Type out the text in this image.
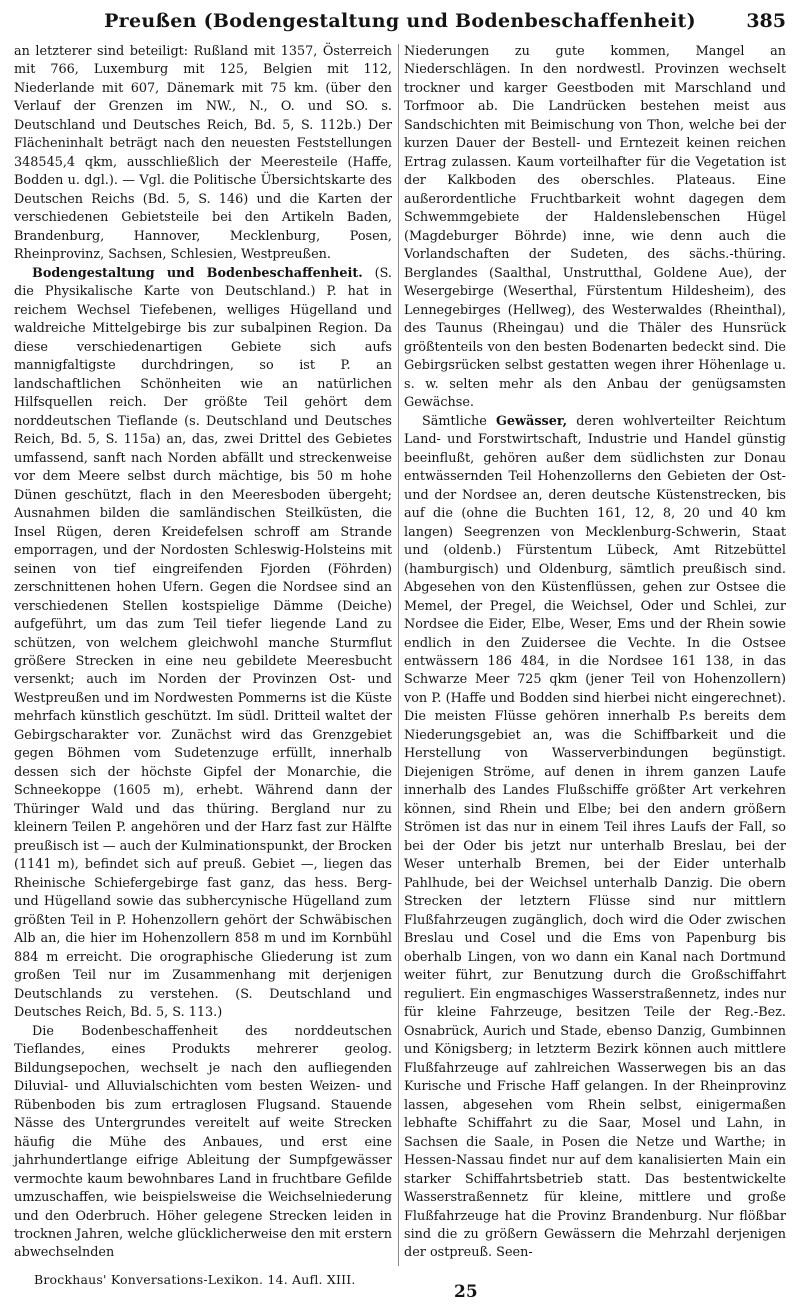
Preußen (Bodengestaltung und Bodenbeschaffenheit)	385

an letzterer sind beteiligt: Rußland mit 1357, Österreich mit 766, Luxemburg mit 125, Belgien mit 112, Niederlande mit 607, Dänemark mit 75 km. (über den Verlauf der Grenzen im NW., N., O. und SO. s. Deutschland und Deutsches Reich, Bd. 5, S. 112b.) Der Flächeninhalt beträgt nach den neuesten Feststellungen 348545,4 qkm, ausschließlich der Meeresteile (Haffe, Bodden u. dgl.). — Vgl. die Politische Übersichtskarte des Deutschen Reichs (Bd. 5, S. 146) und die Karten der verschiedenen Gebietsteile bei den Artikeln Baden, Brandenburg, Hannover, Mecklenburg, Posen, Rheinprovinz, Sachsen, Schlesien, Westpreußen.

Bodengestaltung und Bodenbeschaffenheit. (S. die Physikalische Karte von Deutschland.) P. hat in reichem Wechsel Tiefebenen, welliges Hügelland und waldreiche Mittelgebirge bis zur subalpinen Region. Da diese verschiedenartigen Gebiete sich aufs mannigfaltigste durchdringen, so ist P. an landschaftlichen Schönheiten wie an natürlichen Hilfsquellen reich. Der größte Teil gehört dem norddeutschen Tieflande (s. Deutschland und Deutsches Reich, Bd. 5, S. 115a) an, das, zwei Drittel des Gebietes umfassend, sanft nach Norden abfällt und streckenweise vor dem Meere selbst durch mächtige, bis 50 m hohe Dünen geschützt, flach in den Meeresboden übergeht; Ausnahmen bilden die samländischen Steilküsten, die Insel Rügen, deren Kreidefelsen schroff am Strande emporragen, und der Nordosten Schleswig-Holsteins mit seinen von tief eingreifenden Fjorden (Föhrden) zerschnittenen hohen Ufern. Gegen die Nordsee sind an verschiedenen Stellen kostspielige Dämme (Deiche) aufgeführt, um das zum Teil tiefer liegende Land zu schützen, von welchem gleichwohl manche Sturmflut größere Strecken in eine neu gebildete Meeresbucht versenkt; auch im Norden der Provinzen Ost- und Westpreußen und im Nordwesten Pommerns ist die Küste mehrfach künstlich geschützt. Im südl. Dritteil waltet der Gebirgscharakter vor. Zunächst wird das Grenzgebiet gegen Böhmen vom Sudetenzuge erfüllt, innerhalb dessen sich der höchste Gipfel der Monarchie, die Schneekoppe (1605 m), erhebt. Während dann der Thüringer Wald und das thüring. Bergland nur zu kleinern Teilen P. angehören und der Harz fast zur Hälfte preußisch ist — auch der Kulminationspunkt, der Brocken (1141 m), befindet sich auf preuß. Gebiet —, liegen das Rheinische Schiefergebirge fast ganz, das hess. Berg- und Hügelland sowie das subhercynische Hügelland zum größten Teil in P. Hohenzollern gehört der Schwäbischen Alb an, die hier im Hohenzollern 858 m und im Kornbühl 884 m erreicht. Die orographische Gliederung ist zum großen Teil nur im Zusammenhang mit derjenigen Deutschlands zu verstehen. (S. Deutschland und Deutsches Reich, Bd. 5, S. 113.)

Die Bodenbeschaffenheit des norddeutschen Tieflandes, eines Produkts mehrerer geolog. Bildungsepochen, wechselt je nach den aufliegenden Diluvial- und Alluvialschichten vom besten Weizen- und Rübenboden bis zum ertraglosen Flugsand. Stauende Nässe des Untergrundes vereitelt auf weite Strecken häufig die Mühe des Anbaues, und erst eine jahrhundertlange eifrige Ableitung der Sumpfgewässer vermochte kaum bewohnbares Land in fruchtbare Gefilde umzuschaffen, wie beispielsweise die Weichselniederung und den Oderbruch. Höher gelegene Strecken leiden in trocknen Jahren, welche glücklicherweise den mit erstern abwechselnden

Niederungen zu gute kommen, Mangel an Niederschlägen. In den nordwestl. Provinzen wechselt trockner und karger Geestboden mit Marschland und Torfmoor ab. Die Landrücken bestehen meist aus Sandschichten mit Beimischung von Thon, welche bei der kurzen Dauer der Bestell- und Erntezeit keinen reichen Ertrag zulassen. Kaum vorteilhafter für die Vegetation ist der Kalkboden des oberschles. Plateaus. Eine außerordentliche Fruchtbarkeit wohnt dagegen dem Schwemmgebiete der Haldenslebenschen Hügel (Magdeburger Böhrde) inne, wie denn auch die Vorlandschaften der Sudeten, des sächs.-thüring. Berglandes (Saalthal, Unstrutthal, Goldene Aue), der Wesergebirge (Weserthal, Fürstentum Hildesheim), des Lennegebirges (Hellweg), des Westerwaldes (Rheinthal), des Taunus (Rheingau) und die Thäler des Hunsrück größtenteils von den besten Bodenarten bedeckt sind. Die Gebirgsrücken selbst gestatten wegen ihrer Höhenlage u. s. w. selten mehr als den Anbau der genügsamsten Gewächse.

Sämtliche Gewässer, deren wohlverteilter Reichtum Land- und Forstwirtschaft, Industrie und Handel günstig beeinflußt, gehören außer dem südlichsten zur Donau entwässernden Teil Hohenzollerns den Gebieten der Ost- und der Nordsee an, deren deutsche Küstenstrecken, bis auf die (ohne die Buchten 161, 12, 8, 20 und 40 km langen) Seegrenzen von Mecklenburg-Schwerin, Staat und (oldenb.) Fürstentum Lübeck, Amt Ritzebüttel (hamburgisch) und Oldenburg, sämtlich preußisch sind. Abgesehen von den Küstenflüssen, gehen zur Ostsee die Memel, der Pregel, die Weichsel, Oder und Schlei, zur Nordsee die Eider, Elbe, Weser, Ems und der Rhein sowie endlich in den Zuidersee die Vechte. In die Ostsee entwässern 186 484, in die Nordsee 161 138, in das Schwarze Meer 725 qkm (jener Teil von Hohenzollern) von P. (Haffe und Bodden sind hierbei nicht eingerechnet). Die meisten Flüsse gehören innerhalb P.s bereits dem Niederungsgebiet an, was die Schiffbarkeit und die Herstellung von Wasserverbindungen begünstigt. Diejenigen Ströme, auf denen in ihrem ganzen Laufe innerhalb des Landes Flußschiffe größter Art verkehren können, sind Rhein und Elbe; bei den andern größern Strömen ist das nur in einem Teil ihres Laufs der Fall, so bei der Oder bis jetzt nur unterhalb Breslau, bei der Weser unterhalb Bremen, bei der Eider unterhalb Pahlhude, bei der Weichsel unterhalb Danzig. Die obern Strecken der letztern Flüsse sind nur mittlern Flußfahrzeugen zugänglich, doch wird die Oder zwischen Breslau und Cosel und die Ems von Papenburg bis oberhalb Lingen, von wo dann ein Kanal nach Dortmund weiter führt, zur Benutzung durch die Großschiffahrt reguliert. Ein engmaschiges Wasserstraßennetz, indes nur für kleine Fahrzeuge, besitzen Teile der Reg.-Bez. Osnabrück, Aurich und Stade, ebenso Danzig, Gumbinnen und Königsberg; in letzterm Bezirk können auch mittlere Flußfahrzeuge auf zahlreichen Wasserwegen bis an das Kurische und Frische Haff gelangen. In der Rheinprovinz lassen, abgesehen vom Rhein selbst, einigermaßen lebhafte Schiffahrt zu die Saar, Mosel und Lahn, in Sachsen die Saale, in Posen die Netze und Warthe; in Hessen-Nassau findet nur auf dem kanalisierten Main ein starker Schiffahrtsbetrieb statt. Das bestentwickelte Wasserstraßennetz für kleine, mittlere und große Flußfahrzeuge hat die Provinz Brandenburg. Nur flößbar sind die zu größern Gewässern die Mehrzahl derjenigen der ostpreuß. Seen-

Brockhaus' Konversations-Lexikon. 14. Aufl. XIII.
25
